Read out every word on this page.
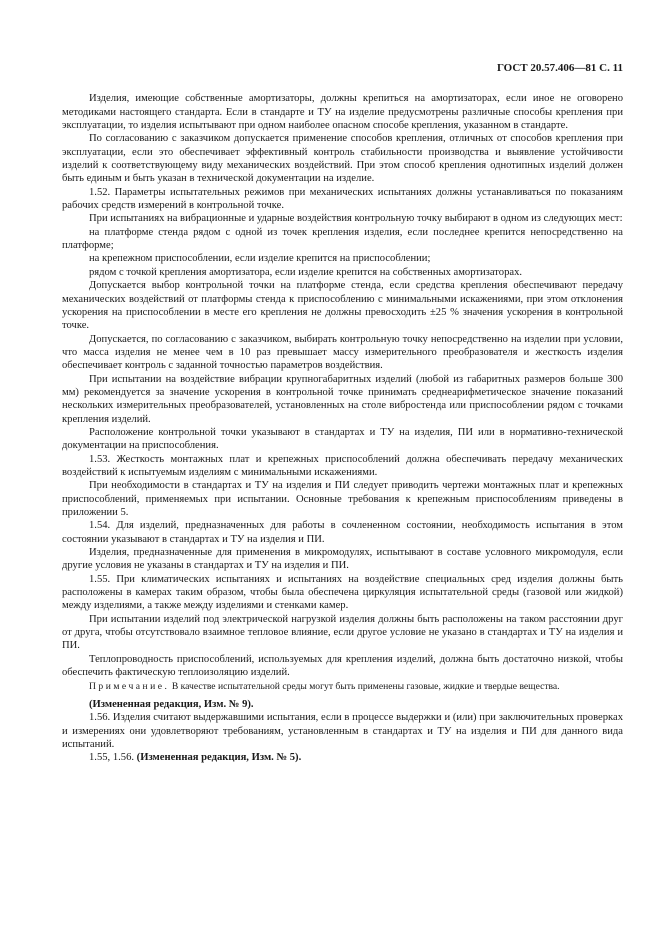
ГОСТ 20.57.406—81 С. 11

Изделия, имеющие собственные амортизаторы, должны крепиться на амортизаторах, если иное не оговорено методиками настоящего стандарта. Если в стандарте и ТУ на изделие предусмотрены различные способы крепления при эксплуатации, то изделия испытывают при одном наиболее опасном способе крепления, указанном в стандарте.

По согласованию с заказчиком допускается применение способов крепления, отличных от способов крепления при эксплуатации, если это обеспечивает эффективный контроль стабильности производства и выявление устойчивости изделий к соответствующему виду механических воздействий. При этом способ крепления однотипных изделий должен быть единым и быть указан в технической документации на изделие.

1.52. Параметры испытательных режимов при механических испытаниях должны устанавливаться по показаниям рабочих средств измерений в контрольной точке.

При испытаниях на вибрационные и ударные воздействия контрольную точку выбирают в одном из следующих мест:

на платформе стенда рядом с одной из точек крепления изделия, если последнее крепится непосредственно на платформе;

на крепежном приспособлении, если изделие крепится на приспособлении;

рядом с точкой крепления амортизатора, если изделие крепится на собственных амортизаторах.

Допускается выбор контрольной точки на платформе стенда, если средства крепления обеспечивают передачу механических воздействий от платформы стенда к приспособлению с минимальными искажениями, при этом отклонения ускорения на приспособлении в месте его крепления не должны превосходить ±25 % значения ускорения в контрольной точке.

Допускается, по согласованию с заказчиком, выбирать контрольную точку непосредственно на изделии при условии, что масса изделия не менее чем в 10 раз превышает массу измерительного преобразователя и жесткость изделия обеспечивает контроль с заданной точностью параметров воздействия.

При испытании на воздействие вибрации крупногабаритных изделий (любой из габаритных размеров больше 300 мм) рекомендуется за значение ускорения в контрольной точке принимать среднеарифметическое значение показаний нескольких измерительных преобразователей, установленных на столе вибростенда или приспособлении рядом с точками крепления изделий.

Расположение контрольной точки указывают в стандартах и ТУ на изделия, ПИ или в нормативно-технической документации на приспособления.

1.53. Жесткость монтажных плат и крепежных приспособлений должна обеспечивать передачу механических воздействий к испытуемым изделиям с минимальными искажениями.

При необходимости в стандартах и ТУ на изделия и ПИ следует приводить чертежи монтажных плат и крепежных приспособлений, применяемых при испытании. Основные требования к крепежным приспособлениям приведены в приложении 5.

1.54. Для изделий, предназначенных для работы в сочлененном состоянии, необходимость испытания в этом состоянии указывают в стандартах и ТУ на изделия и ПИ.

Изделия, предназначенные для применения в микромодулях, испытывают в составе условного микромодуля, если другие условия не указаны в стандартах и ТУ на изделия и ПИ.

1.55. При климатических испытаниях и испытаниях на воздействие специальных сред изделия должны быть расположены в камерах таким образом, чтобы была обеспечена циркуляция испытательной среды (газовой или жидкой) между изделиями, а также между изделиями и стенками камер.

При испытании изделий под электрической нагрузкой изделия должны быть расположены на таком расстоянии друг от друга, чтобы отсутствовало взаимное тепловое влияние, если другое условие не указано в стандартах и ТУ на изделия и ПИ.

Теплопроводность приспособлений, используемых для крепления изделий, должна быть достаточно низкой, чтобы обеспечить фактическую теплоизоляцию изделий.

Примечание. В качестве испытательной среды могут быть применены газовые, жидкие и твердые вещества.

(Измененная редакция, Изм. № 9).

1.56. Изделия считают выдержавшими испытания, если в процессе выдержки и (или) при заключительных проверках и измерениях они удовлетворяют требованиям, установленным в стандартах и ТУ на изделия и ПИ для данного вида испытаний.

1.55, 1.56. (Измененная редакция, Изм. № 5).
